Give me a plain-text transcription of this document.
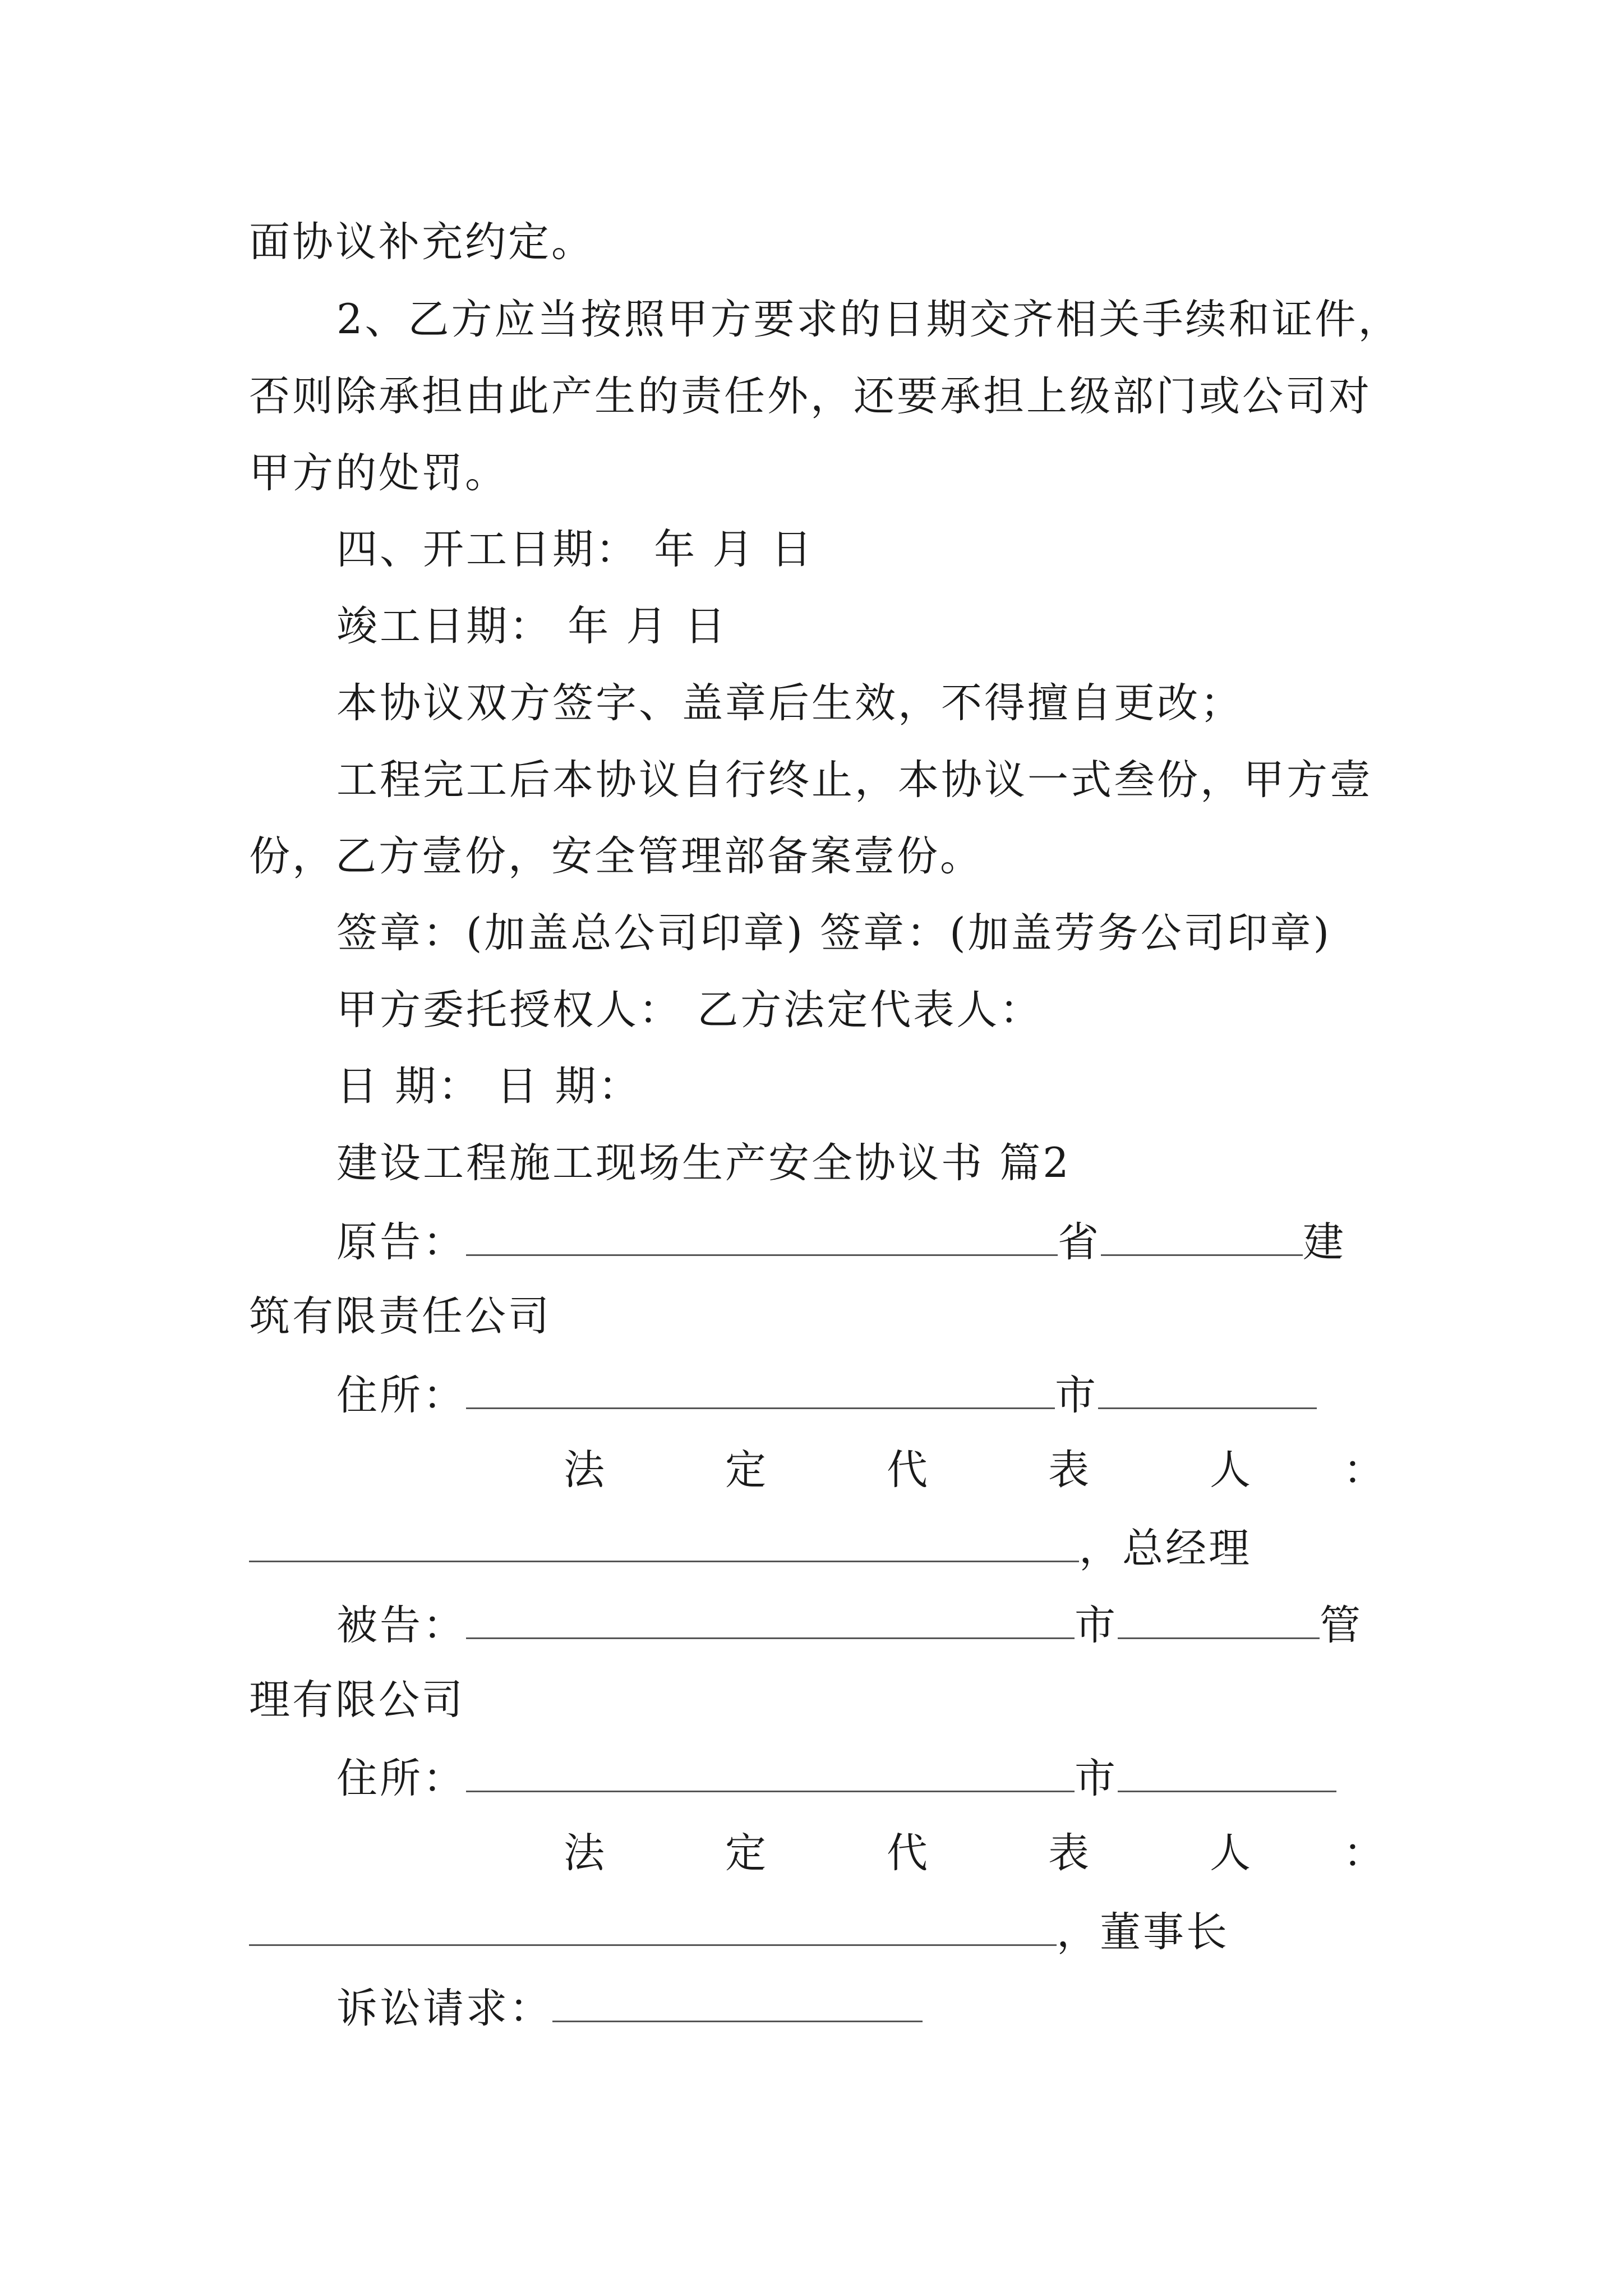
面协议补充约定。
2、乙方应当按照甲方要求的日期交齐相关手续和证件，
否则除承担由此产生的责任外，还要承担上级部门或公司对
甲方的处罚。
四、开工日期： 年 月 日
竣工日期： 年 月 日
本协议双方签字、盖章后生效，不得擅自更改；
工程完工后本协议自行终止，本协议一式叁份，甲方壹
份，乙方壹份，安全管理部备案壹份。
签章：(加盖总公司印章) 签章：(加盖劳务公司印章)
甲方委托授权人： 乙方法定代表人：
日 期： 日 期：
建设工程施工现场生产安全协议书 篇2
原告：	省	建
筑有限责任公司
住所：	市
法	定	代	表	人 ：
，总经理
被告：	市	管
理有限公司
住所：	市
法	定	代	表	人 ：
，董事长
诉讼请求：
